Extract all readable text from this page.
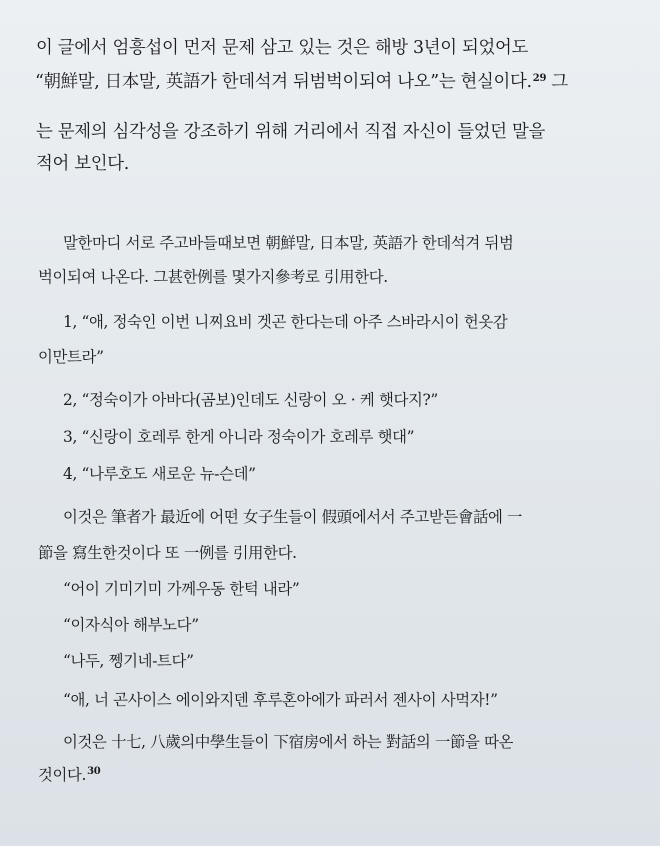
이 글에서 엄흥섭이 먼저 문제 삼고 있는 것은 해방 3년이 되었어도
“朝鮮말, 日本말, 英語가 한데석겨 뒤범벅이되여 나오”는 현실이다.$^{29}$ 그
는 문제의 심각성을 강조하기 위해 거리에서 직접 자신이 들었던 말을
적어 보인다.
말한마디 서로 주고바들때보면 朝鮮말, 日本말, 英語가 한데석겨 뒤범
벅이되여 나온다. 그甚한例를 몇가지參考로 引用한다.
1, “애, 정숙인 이번 니찌요비 겟곤 한다는데 아주 스바라시이 헌옷감
이만트라”
2, “정숙이가 아바다(곰보)인데도 신랑이 오 · 케 햇다지?”
3, “신랑이 호레루 한게 아니라 정숙이가 호레루 햇대”
4, “나루호도 새로운 뉴-슨데”
이것은 筆者가 最近에 어떤 女子生들이 假頭에서서 주고받든會話에 一
節을 寫生한것이다 또 一例를 引用한다.
“어이 기미기미 가께우동 한턱 내라”
“이자식아 해부노다”
“나두, 쩽기네-트다”
“애, 너 곤사이스 에이와지덴 후루혼아에가 파러서 젠사이 사먹자!”
이것은 十七, 八歲의中學生들이 下宿房에서 하는 對話의 一節을 따온
것이다.$^{30}$
